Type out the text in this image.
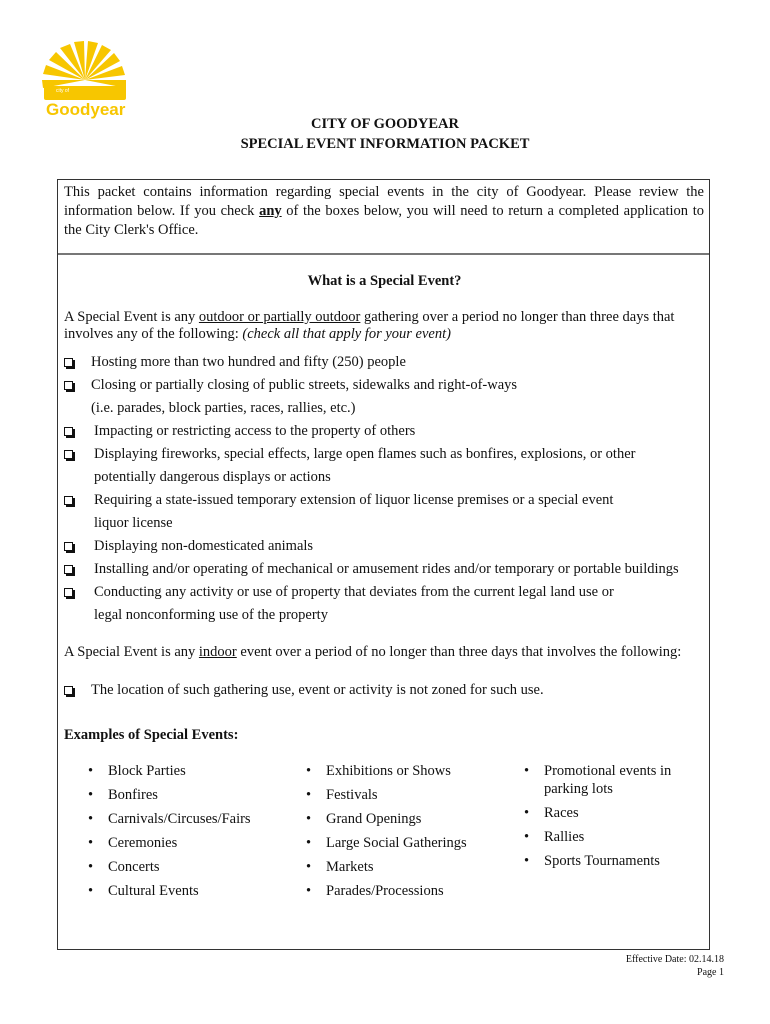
city of
Goodyear
CITY OF GOODYEAR
SPECIAL EVENT INFORMATION PACKET
This packet contains information regarding special events in the city of Goodyear. Please review the information below. If you check any of the boxes below, you will need to return a completed application to the City Clerk's Office.
What is a Special Event?
A Special Event is any outdoor or partially outdoor gathering over a period no longer than three days that involves any of the following: (check all that apply for your event)
Hosting more than two hundred and fifty (250) people
Closing or partially closing of public streets, sidewalks and right-of-ways
(i.e. parades, block parties, races, rallies, etc.)
Impacting or restricting access to the property of others
Displaying fireworks, special effects, large open flames such as bonfires, explosions, or other
potentially dangerous displays or actions
Requiring a state-issued temporary extension of liquor license premises or a special event
liquor license
Displaying non-domesticated animals
Installing and/or operating of mechanical or amusement rides and/or temporary or portable buildings
Conducting any activity or use of property that deviates from the current legal land use or
legal nonconforming use of the property
A Special Event is any indoor event over a period of no longer than three days that involves the following:
The location of such gathering use, event or activity is not zoned for such use.
Examples of Special Events:
• Block Parties
• Bonfires
• Carnivals/Circuses/Fairs
• Ceremonies
• Concerts
• Cultural Events
• Exhibitions or Shows
• Festivals
• Grand Openings
• Large Social Gatherings
• Markets
• Parades/Processions
• Promotional events in parking lots
• Races
• Rallies
• Sports Tournaments
Effective Date: 02.14.18
Page 1
